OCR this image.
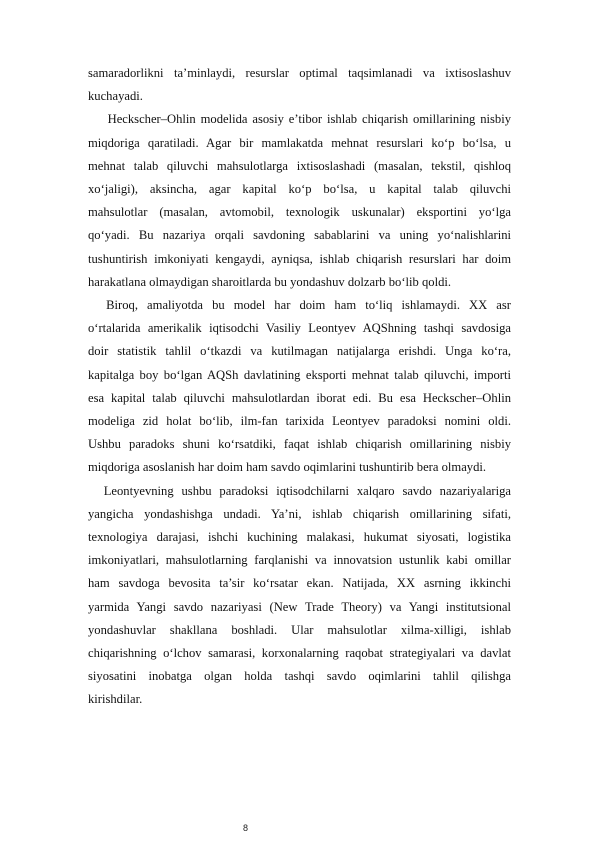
samaradorlikni ta’minlaydi, resurslar optimal taqsimlanadi va ixtisoslashuv
kuchayadi.

Heckscher–Ohlin modelida asosiy e’tibor ishlab chiqarish omillarining nisbiy
miqdoriga qaratiladi. Agar bir mamlakatda mehnat resurslari ko‘p bo‘lsa, u
mehnat talab qiluvchi mahsulotlarga ixtisoslashadi (masalan, tekstil, qishloq
xo‘jaligi), aksincha, agar kapital ko‘p bo‘lsa, u kapital talab qiluvchi
mahsulotlar (masalan, avtomobil, texnologik uskunalar) eksportini yo‘lga
qo‘yadi. Bu nazariya orqali savdoning sabablarini va uning yo‘nalishlarini
tushuntirish imkoniyati kengaydi, ayniqsa, ishlab chiqarish resurslari har doim
harakatlana olmaydigan sharoitlarda bu yondashuv dolzarb bo‘lib qoldi.

Biroq,  amaliyotda  bu  model  har  doim  ham  to‘liq  ishlamaydi.  XX  asr
o‘rtalarida amerikalik iqtisodchi Vasiliy Leontyev AQShning tashqi savdosiga
doir statistik tahlil o‘tkazdi va kutilmagan natijalarga erishdi. Unga ko‘ra,
kapitalga boy bo‘lgan AQSh davlatining eksporti mehnat talab qiluvchi, importi
esa kapital talab qiluvchi mahsulotlardan iborat edi. Bu esa Heckscher–Ohlin
modeliga zid holat bo‘lib, ilm-fan tarixida Leontyev paradoksi nomini oldi.
Ushbu paradoks shuni ko‘rsatdiki, faqat ishlab chiqarish omillarining nisbiy
miqdoriga asoslanish har doim ham savdo oqimlarini tushuntirib bera olmaydi.

Leontyevning  ushbu  paradoksi  iqtisodchilarni  xalqaro  savdo  nazariyalariga
yangicha yondashishga undadi. Ya’ni, ishlab chiqarish omillarining sifati,
texnologiya darajasi, ishchi kuchining malakasi, hukumat siyosati, logistika
imkoniyatlari, mahsulotlarning farqlanishi va innovatsion ustunlik kabi omillar
ham savdoga bevosita ta’sir ko‘rsatar ekan. Natijada, XX asrning ikkinchi
yarmida Yangi savdo nazariyasi (New Trade Theory) va Yangi institutsional
yondashuvlar shakllana boshladi. Ular mahsulotlar xilma-xilligi, ishlab
chiqarishning o‘lchov samarasi, korxonalarning raqobat strategiyalari va davlat
siyosatini inobatga olgan holda tashqi savdo oqimlarini tahlil qilishga
kirishdilar.

8
